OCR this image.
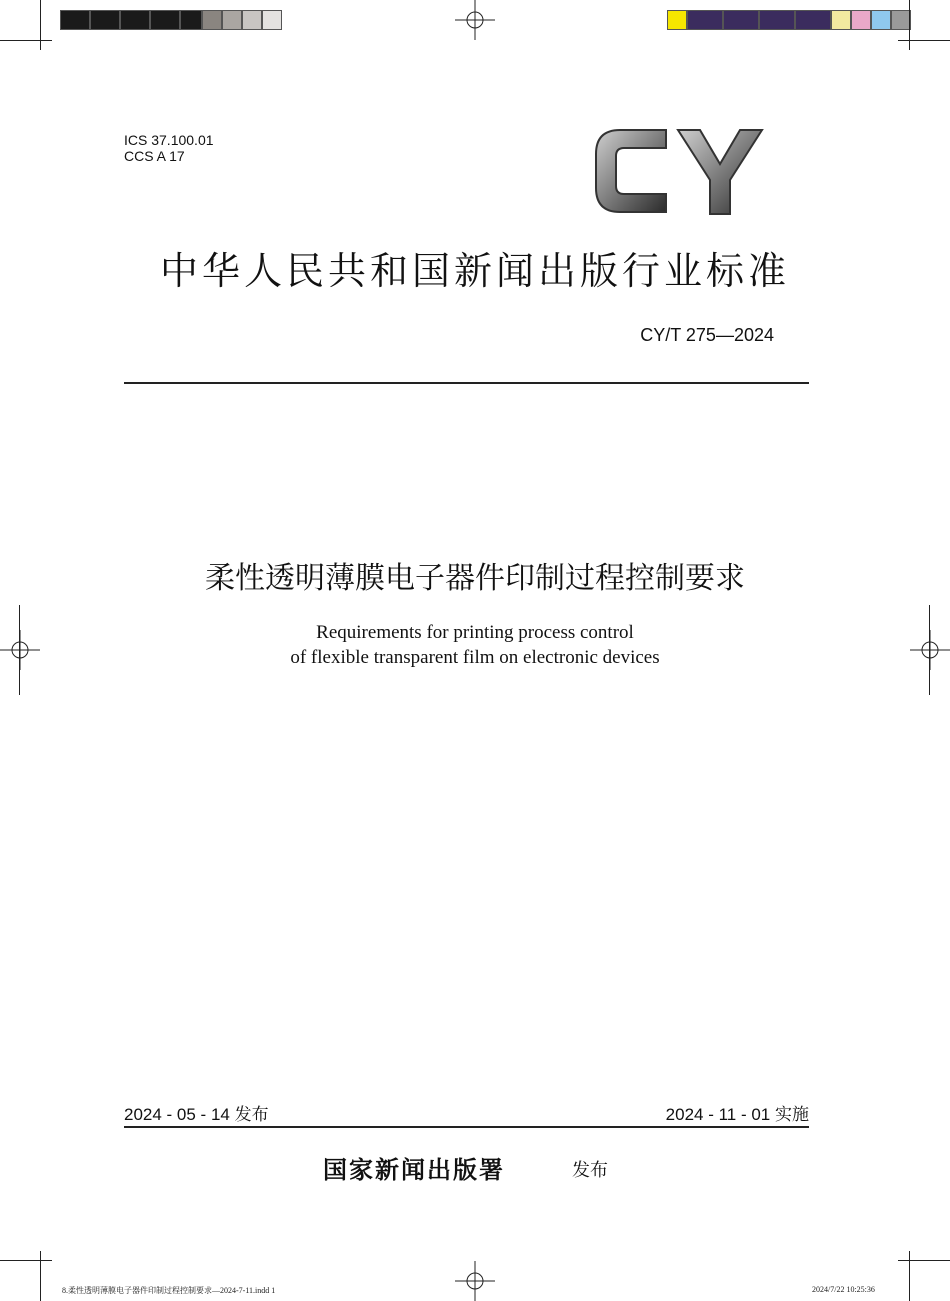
ICS 37.100.01
CCS A 17
中华人民共和国新闻出版行业标准
CY/T 275—2024
柔性透明薄膜电子器件印制过程控制要求
Requirements for printing process control
of flexible transparent film on electronic devices
2024 - 05 - 14 发布	2024 - 11 - 01 实施
国家新闻出版署	发布
8.柔性透明薄膜电子器件印制过程控制要求—2024-7-11.indd 1	2024/7/22 10:25:36
